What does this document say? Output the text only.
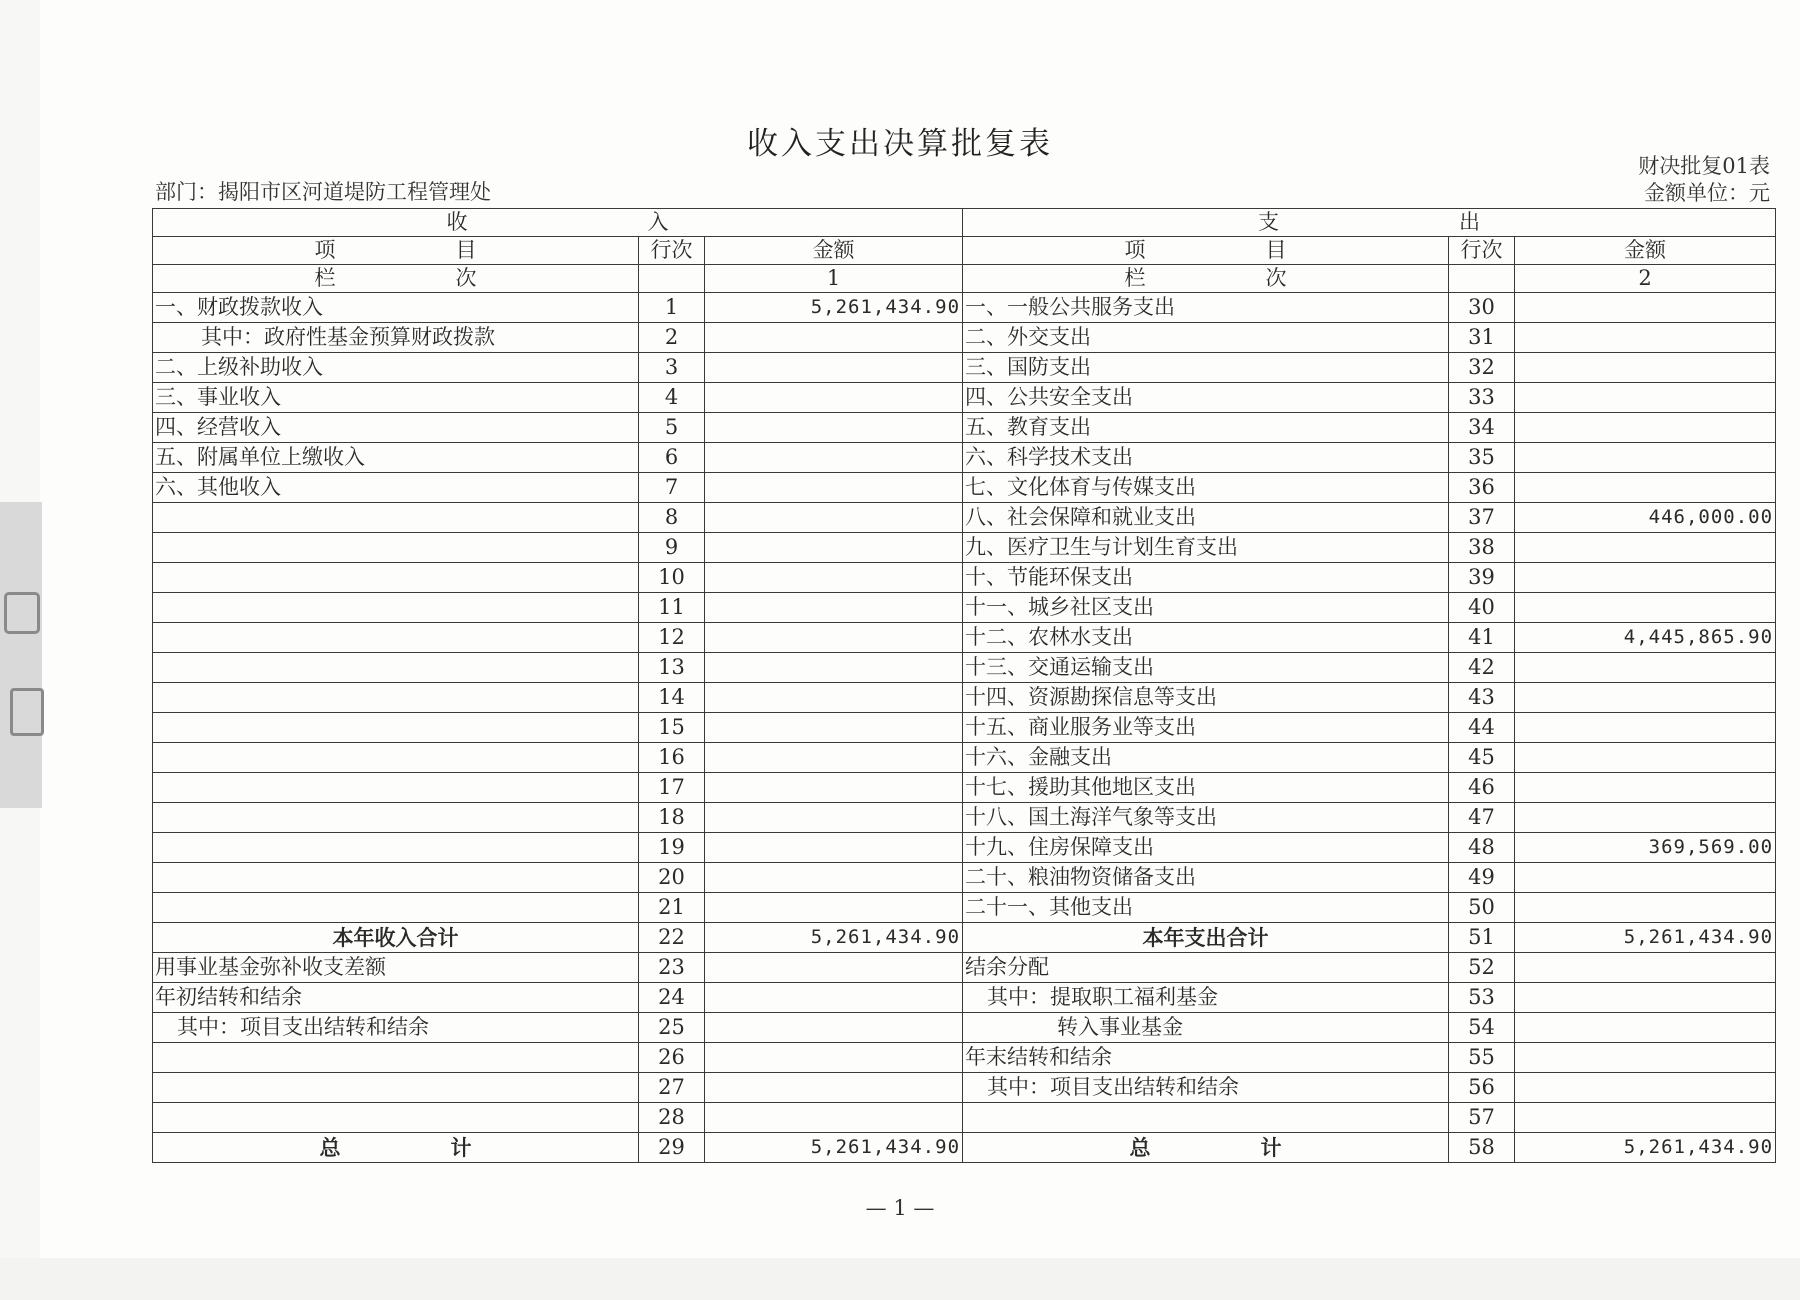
收入支出决算批复表
财决批复01表
部门：揭阳市区河道堤防工程管理处	金额单位：元
收 入			支 出		
项 目	行次	金额	项 目	行次	金额
栏 次		1	栏 次		2
一、财政拨款收入	1	5,261,434.90	一、一般公共服务支出	30	
其中：政府性基金预算财政拨款	2		二、外交支出	31	
二、上级补助收入	3		三、国防支出	32	
三、事业收入	4		四、公共安全支出	33	
四、经营收入	5		五、教育支出	34	
五、附属单位上缴收入	6		六、科学技术支出	35	
六、其他收入	7		七、文化体育与传媒支出	36	
	8		八、社会保障和就业支出	37	446,000.00
	9		九、医疗卫生与计划生育支出	38	
	10		十、节能环保支出	39	
	11		十一、城乡社区支出	40	
	12		十二、农林水支出	41	4,445,865.90
	13		十三、交通运输支出	42	
	14		十四、资源勘探信息等支出	43	
	15		十五、商业服务业等支出	44	
	16		十六、金融支出	45	
	17		十七、援助其他地区支出	46	
	18		十八、国土海洋气象等支出	47	
	19		十九、住房保障支出	48	369,569.00
	20		二十、粮油物资储备支出	49	
	21		二十一、其他支出	50	
本年收入合计	22	5,261,434.90	本年支出合计	51	5,261,434.90
用事业基金弥补收支差额	23		结余分配	52	
年初结转和结余	24		其中：提取职工福利基金	53	
其中：项目支出结转和结余	25		转入事业基金	54	
	26		年末结转和结余	55	
	27		其中：项目支出结转和结余	56	
	28			57	
总 计	29	5,261,434.90	总 计	58	5,261,434.90
— 1 —
